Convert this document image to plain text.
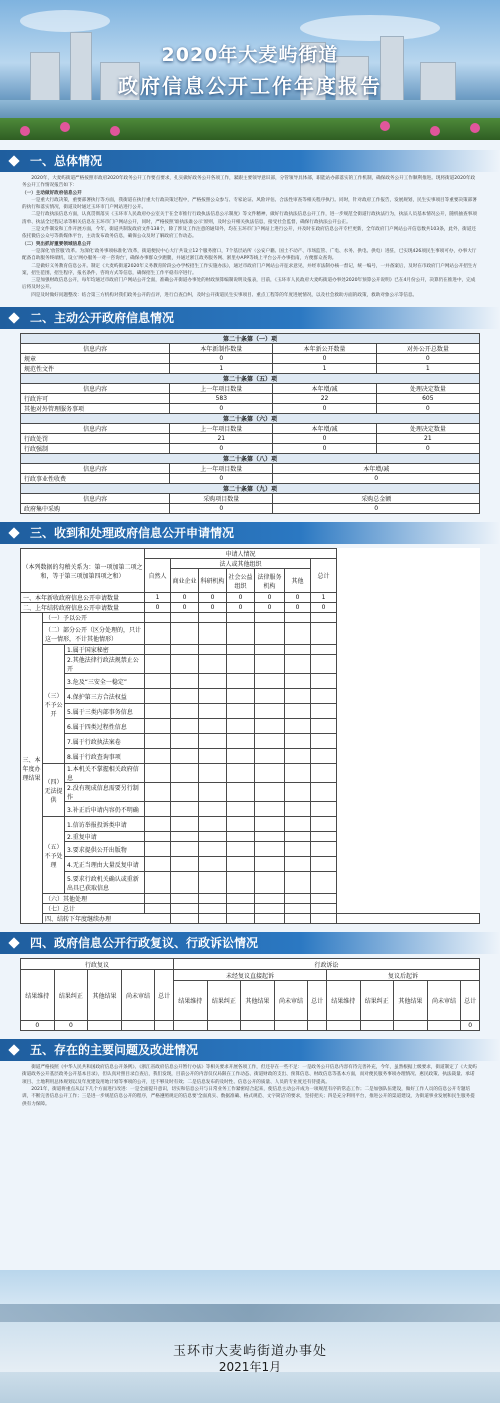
2020年大麦屿街道
政府信息公开工作年度报告
一、总体情况

2020年，大麦屿街道严格按照市政府2020年政务公开工作要点要求，扎实做好政务公开各项工作，紧跟主要领导意识部，分管领导具体部，职能站办部落实的工作机制，确保政务公开工作顺利推进。现将街道2020年政务公开工作情况报告如下：

（一）主动做好政府信息公开

一是重大行政决策，重要部署执行等方面，我街道在执行重大行政决策过程中，严格按照公众参与、专家论证、风险评估、合法性审查等相关程序执行。同时，针对政府工作报告，发展规划，民生实事项目等重要决策部署的执行和落实情况，街道及时通过玉环市门户网站进行公开。

二是行政执法信息方面，认真贯彻落实《玉环市人民政府办公室关于在全市推行行政执法信息公示制度》等文件精神，做好行政执法信息公开工作，进一步规范全街道行政执法行为，执法人员基本情况公开，随机抽查事项清单、执法全过程记录等相关信息在玉环市门户网站公开，同时，严格按照'谁执法谁公示'原则，及时公开相关执法信息，接受社会监督，确保行政执法公开公正。

三是文件制发和工作开展方面，今年，街道共制发政府文件138个，除了涉及工作注意的通知外，均在玉环市门户网站上进行公开，并及时在政府信息公开专栏更新，全年政府门户网站公开信息数共103条，此外，街道还依托微信公众号等新媒体平台，主动发布政务信息，确保公众及时了解政府工作动态。

（二）突出抓好重要领域信息公开

一是深化'放管服'改革。为深化'政务事项标准化'改革，街道便民中心大厅共设立12个服务窗口，7个基层站所（公安户籍、国土不动产、市场监管、广电、水务、供电、供电）进驻，已实现426项民生事项可办，办事大厅配备自助服务终端机，设立'网办服务一对一咨询台'，确保办事群众少跑腿，并通过浙江政务服务网、浙里办APP等线上平台公开办事指南，方便群众查询。

二是做好义务教育信息公开。制定《大麦屿街道2020年义务教育阶段公办学校招生工作实施办法》，通过市政府门户网站公开征求意见，并经市法制办核一督记，统一编号，一并备案后，及时在市政府门户网站公开招生方案，招生范围，招生程序，报名条件，咨询方式等信息，确保招生工作平稳有序进行。

三是加强财政信息公开，每年均通过市政府门户网站公开全面，准确公开街道办事处的财政预算编制说明及报表，目前，《玉环市人民政府大麦屿街道办事处2020年预算公开说明》已在4月份公开，决算仍在推进中，完成后将及时公开。

四是及时做好问题整改：结合第三方机构对我们政务公开的点评，进行自查自纠，及时公开街道民生实事项目、重点工程等的年度进展情况，以及社会救助方面的政策，救助对象公示等信息。

二、主动公开政府信息情况
第二十条第（一）项			
信息内容	本年新制作数量	本年新公开数量	对外公开总数量
规章	0	0	0
规范性文件	1	1	1
第二十条第（五）项			
信息内容	上一年项目数量	本年增/减	处理决定数量
行政许可	583	22	605
其他对外管理服务事项	0	0	0
第二十条第（六）项			
信息内容	上一年项目数量	本年增/减	处理决定数量
行政处罚	21	0	21
行政强制	0	0	0
第二十条第（八）项			
信息内容	上一年项目数量	本年增/减	
行政事业性收费	0	0	
第二十条第（九）项			
信息内容	采购项目数量	采购总金额	
政府集中采购	0	0	
三、收到和处理政府信息公开申请情况
（本列数据的勾稽关系为：第一项加第二项之和，等于第三项加第四项之和）			申请人情况							
			自然人	法人或其他组织					总计	
				商业企业	科研机构	社会公益组织	法律服务机构	其他		
一、本年新收政府信息公开申请数量			1	0	0	0	0	0	1	
二、上年结转政府信息公开申请数量			0	0	0	0	0	0	0	
三、本年度办理结果	（一）予以公开									
	（二）部分公开（区分处理的，只计这一情形，不计其他情形）									
	（三）不予公开	1.属于国家秘密								
		2.其他法律行政法规禁止公开								
		3.危及“三安全一稳定”								
		4.保护第三方合法权益								
		5.属于三类内部事务信息								
		6.属于四类过程性信息								
		7.属于行政执法案卷								
		8.属于行政查询事项								
	（四）无法提供	1.本机关不掌握相关政府信息								
		2.没有现成信息需要另行制作								
		3.补正后申请内容仍不明确								
	（五）不予处理	1.信访举报投诉类申请								
		2.重复申请								
		3.要求提供公开出版物								
		4.无正当理由大量反复申请								
		5.要求行政机关确认或重新出具已获取信息								
	（六）其他处理									
	（七）总计									
	四、结转下年度继续办理									
四、政府信息公开行政复议、行政诉讼情况
行政复议					行政诉讼									
结果维持	结果纠正	其他结果	尚未审结	总计	未经复议直接起诉					复议后起诉				
					结果维持	结果纠正	其他结果	尚未审结	总计	结果维持	结果纠正	其他结果	尚未审结	总计
0	0													0
五、存在的主要问题及改进情况

街道严格按照《中华人民共和国政府信息公开条例》、《浙江省政府信息公开暂行办法》等相关要求开展各项工作，但还存在一些不足：一是政务公开信息内容有待完善补充，今年，虽然根据上级要求，街道制定了《大麦屿街道政务公开基层政务公开基本目录》，但认真对照目录自查后，我们发现，目前公开的内容仅仅局限在工作动态、街道财政的支出、预算信息、财政信息等基本方面，而对便民服务事项办理情况、惠民政策、执法裁量、承诺项目、土地利用总体规划以及年度建设用地计划等事项的公开，还不够及时有效；二是信息发布的及时性、信息公开的质量、人员的专业度还有待提高。

2021年，街道将重点从以下几个方面进行改进：一是全面提升意识，切实和信息公开与日常业务工作紧密结合起来，使信息主动公开成为一项规范有序的常态工作；二是加强队伍建设，做好工作人员的信息公开专题培训，不断完善信息公开工作；三是进一步规范信息公开的程序，严格遵照规定的信息要'全面真实、数据准确、格式规范、文字简洁'的要求，坚持把关；四是充分利用平台，推进公开的渠道建设，为街道事业发展和民生服务提供有力保障。

玉环市大麦屿街道办事处
2021年1月
